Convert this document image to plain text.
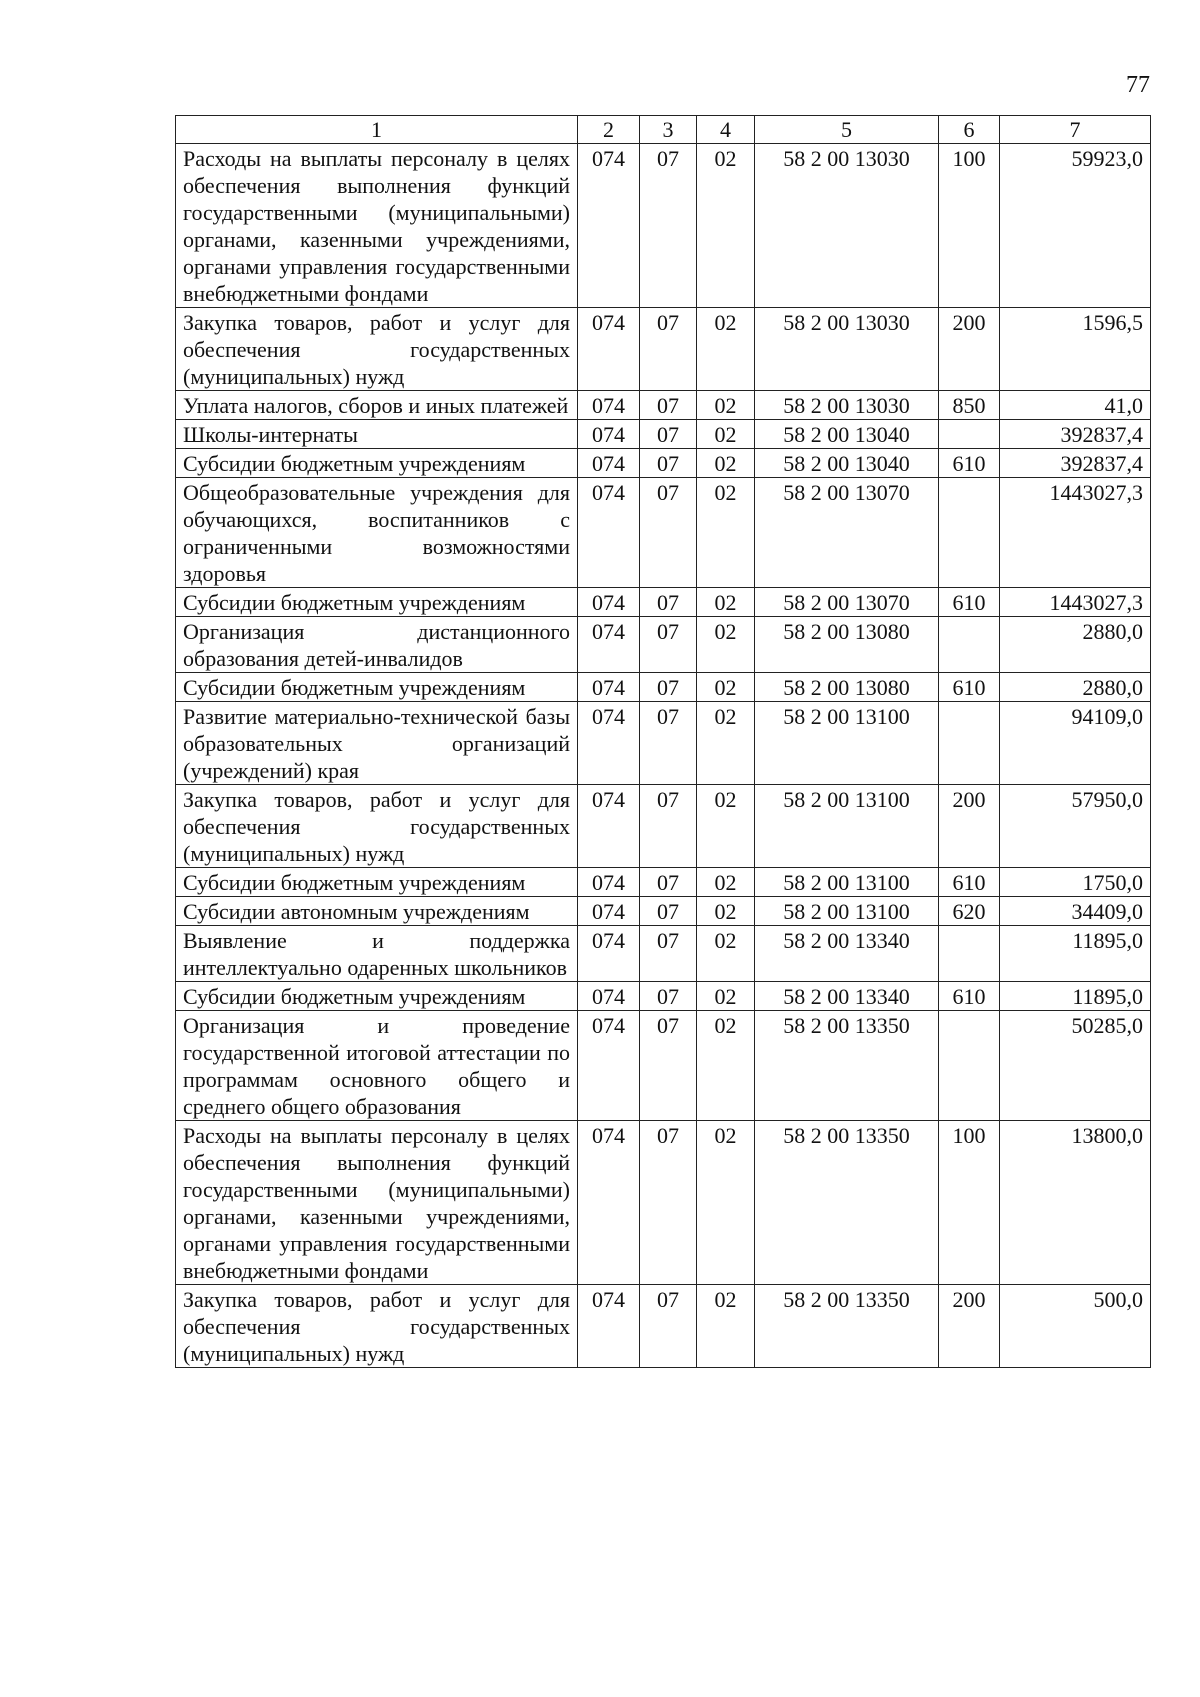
77
1	2	3	4	5	6	7
Расходы на выплаты персоналу в целях обеспечения выполнения функций государственными (муниципальными) органами, казенными учреждениями, органами управления государственными внебюджетными фондами	074	07	02	58 2 00 13030	100	59923,0
Закупка товаров, работ и услуг для обеспечения государственных (муниципальных) нужд	074	07	02	58 2 00 13030	200	1596,5
Уплата налогов, сборов и иных платежей	074	07	02	58 2 00 13030	850	41,0
Школы-интернаты	074	07	02	58 2 00 13040		392837,4
Субсидии бюджетным учреждениям	074	07	02	58 2 00 13040	610	392837,4
Общеобразовательные учреждения для обучающихся, воспитанников с ограниченными возможностями здоровья	074	07	02	58 2 00 13070		1443027,3
Субсидии бюджетным учреждениям	074	07	02	58 2 00 13070	610	1443027,3
Организация дистанционного образования детей-инвалидов	074	07	02	58 2 00 13080		2880,0
Субсидии бюджетным учреждениям	074	07	02	58 2 00 13080	610	2880,0
Развитие материально-технической базы образовательных организаций (учреждений) края	074	07	02	58 2 00 13100		94109,0
Закупка товаров, работ и услуг для обеспечения государственных (муниципальных) нужд	074	07	02	58 2 00 13100	200	57950,0
Субсидии бюджетным учреждениям	074	07	02	58 2 00 13100	610	1750,0
Субсидии автономным учреждениям	074	07	02	58 2 00 13100	620	34409,0
Выявление и поддержка интеллектуально одаренных школьников	074	07	02	58 2 00 13340		11895,0
Субсидии бюджетным учреждениям	074	07	02	58 2 00 13340	610	11895,0
Организация и проведение государственной итоговой аттестации по программам основного общего и среднего общего образования	074	07	02	58 2 00 13350		50285,0
Расходы на выплаты персоналу в целях обеспечения выполнения функций государственными (муниципальными) органами, казенными учреждениями, органами управления государственными внебюджетными фондами	074	07	02	58 2 00 13350	100	13800,0
Закупка товаров, работ и услуг для обеспечения государственных (муниципальных) нужд	074	07	02	58 2 00 13350	200	500,0
